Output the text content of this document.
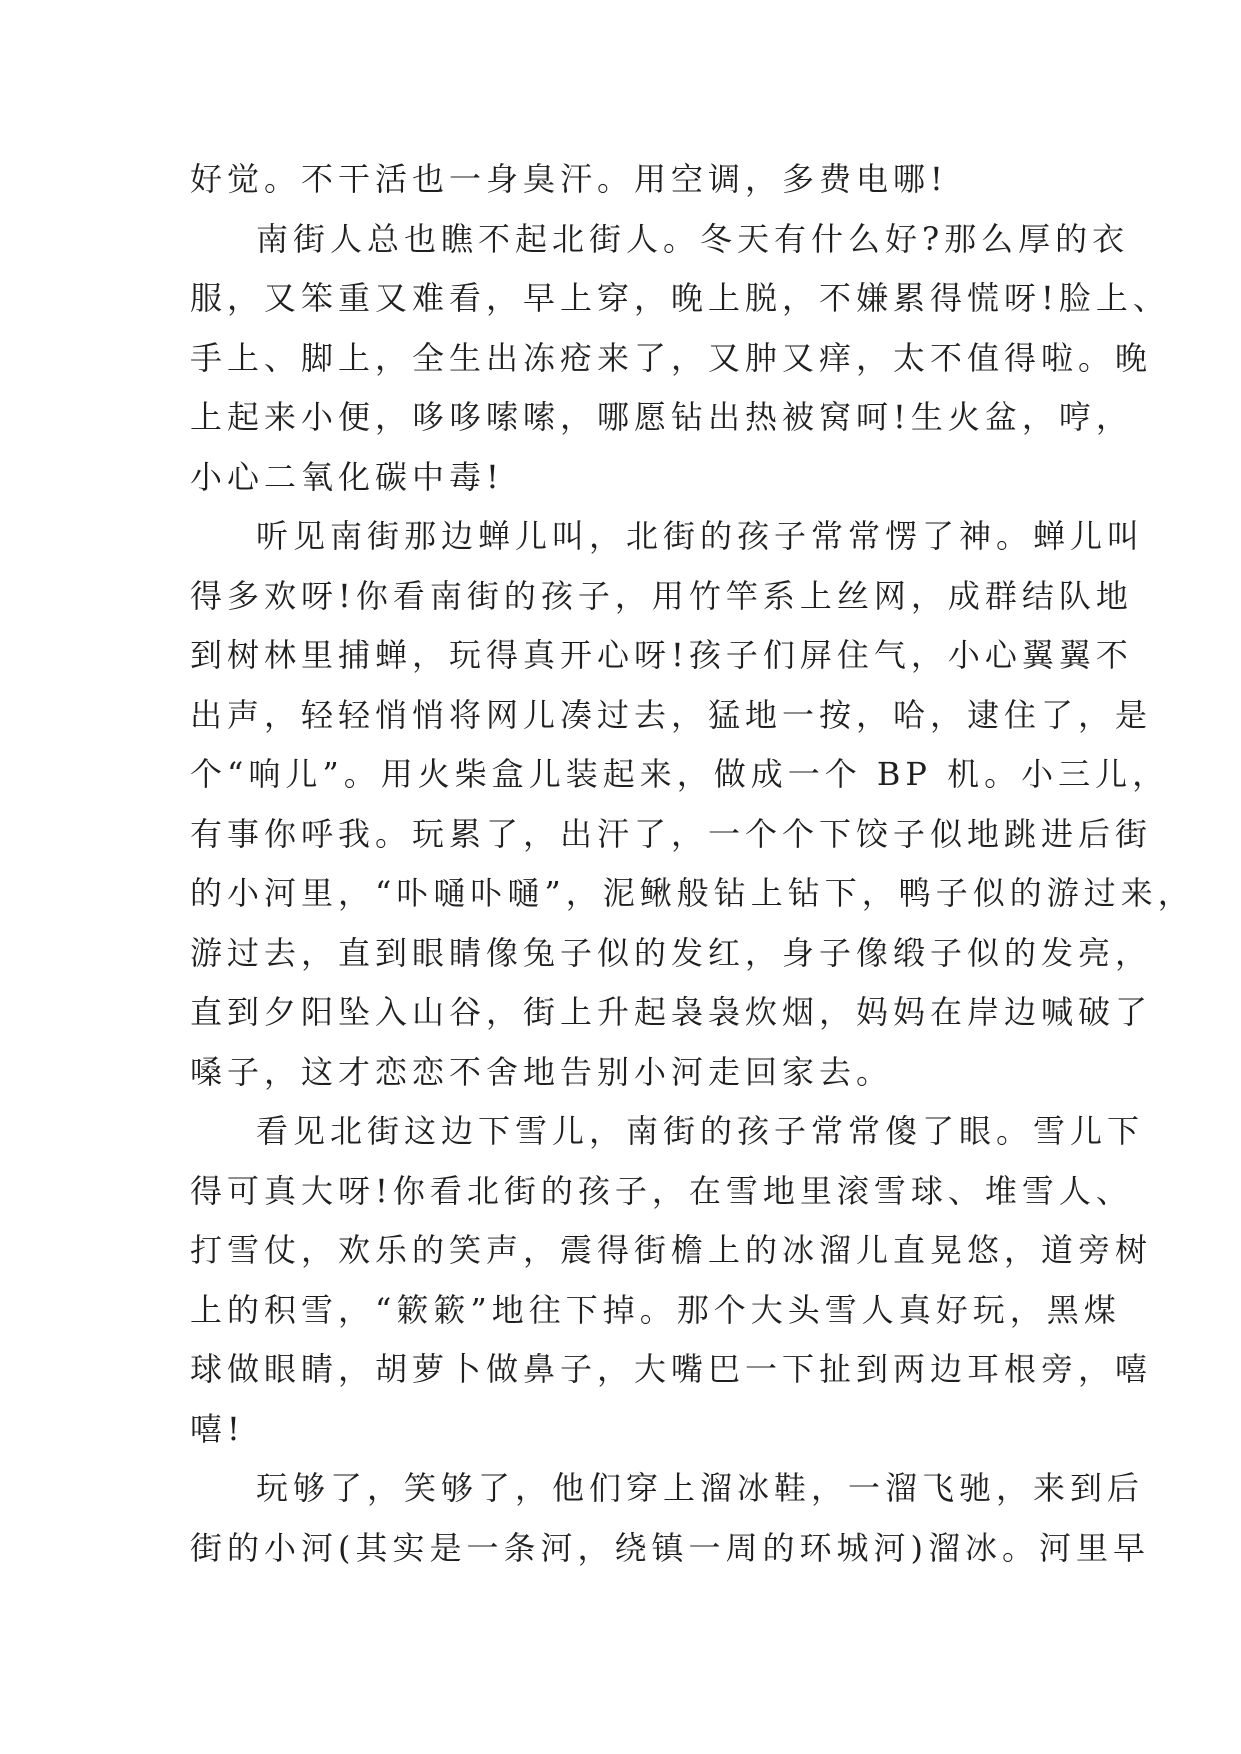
好觉。不干活也一身臭汗。用空调，多费电哪!
南街人总也瞧不起北街人。冬天有什么好?那么厚的衣
服，又笨重又难看，早上穿，晚上脱，不嫌累得慌呀!脸上、
手上、脚上，全生出冻疮来了，又肿又痒，太不值得啦。晚
上起来小便，哆哆嗦嗦，哪愿钻出热被窝呵!生火盆，哼，
小心二氧化碳中毒!
听见南街那边蝉儿叫，北街的孩子常常愣了神。蝉儿叫
得多欢呀!你看南街的孩子，用竹竿系上丝网，成群结队地
到树林里捕蝉，玩得真开心呀!孩子们屏住气，小心翼翼不
出声，轻轻悄悄将网儿凑过去，猛地一按，哈，逮住了，是
个“响儿”。用火柴盒儿装起来，做成一个 BP 机。小三儿，
有事你呼我。玩累了，出汗了，一个个下饺子似地跳进后街
的小河里，“卟嗵卟嗵”，泥鳅般钻上钻下，鸭子似的游过来，
游过去，直到眼睛像兔子似的发红，身子像缎子似的发亮，
直到夕阳坠入山谷，街上升起袅袅炊烟，妈妈在岸边喊破了
嗓子，这才恋恋不舍地告别小河走回家去。
看见北街这边下雪儿，南街的孩子常常傻了眼。雪儿下
得可真大呀!你看北街的孩子，在雪地里滚雪球、堆雪人、
打雪仗，欢乐的笑声，震得街檐上的冰溜儿直晃悠，道旁树
上的积雪，“簌簌”地往下掉。那个大头雪人真好玩，黑煤
球做眼睛，胡萝卜做鼻子，大嘴巴一下扯到两边耳根旁，嘻
嘻!
玩够了，笑够了，他们穿上溜冰鞋，一溜飞驰，来到后
街的小河(其实是一条河，绕镇一周的环城河)溜冰。河里早
